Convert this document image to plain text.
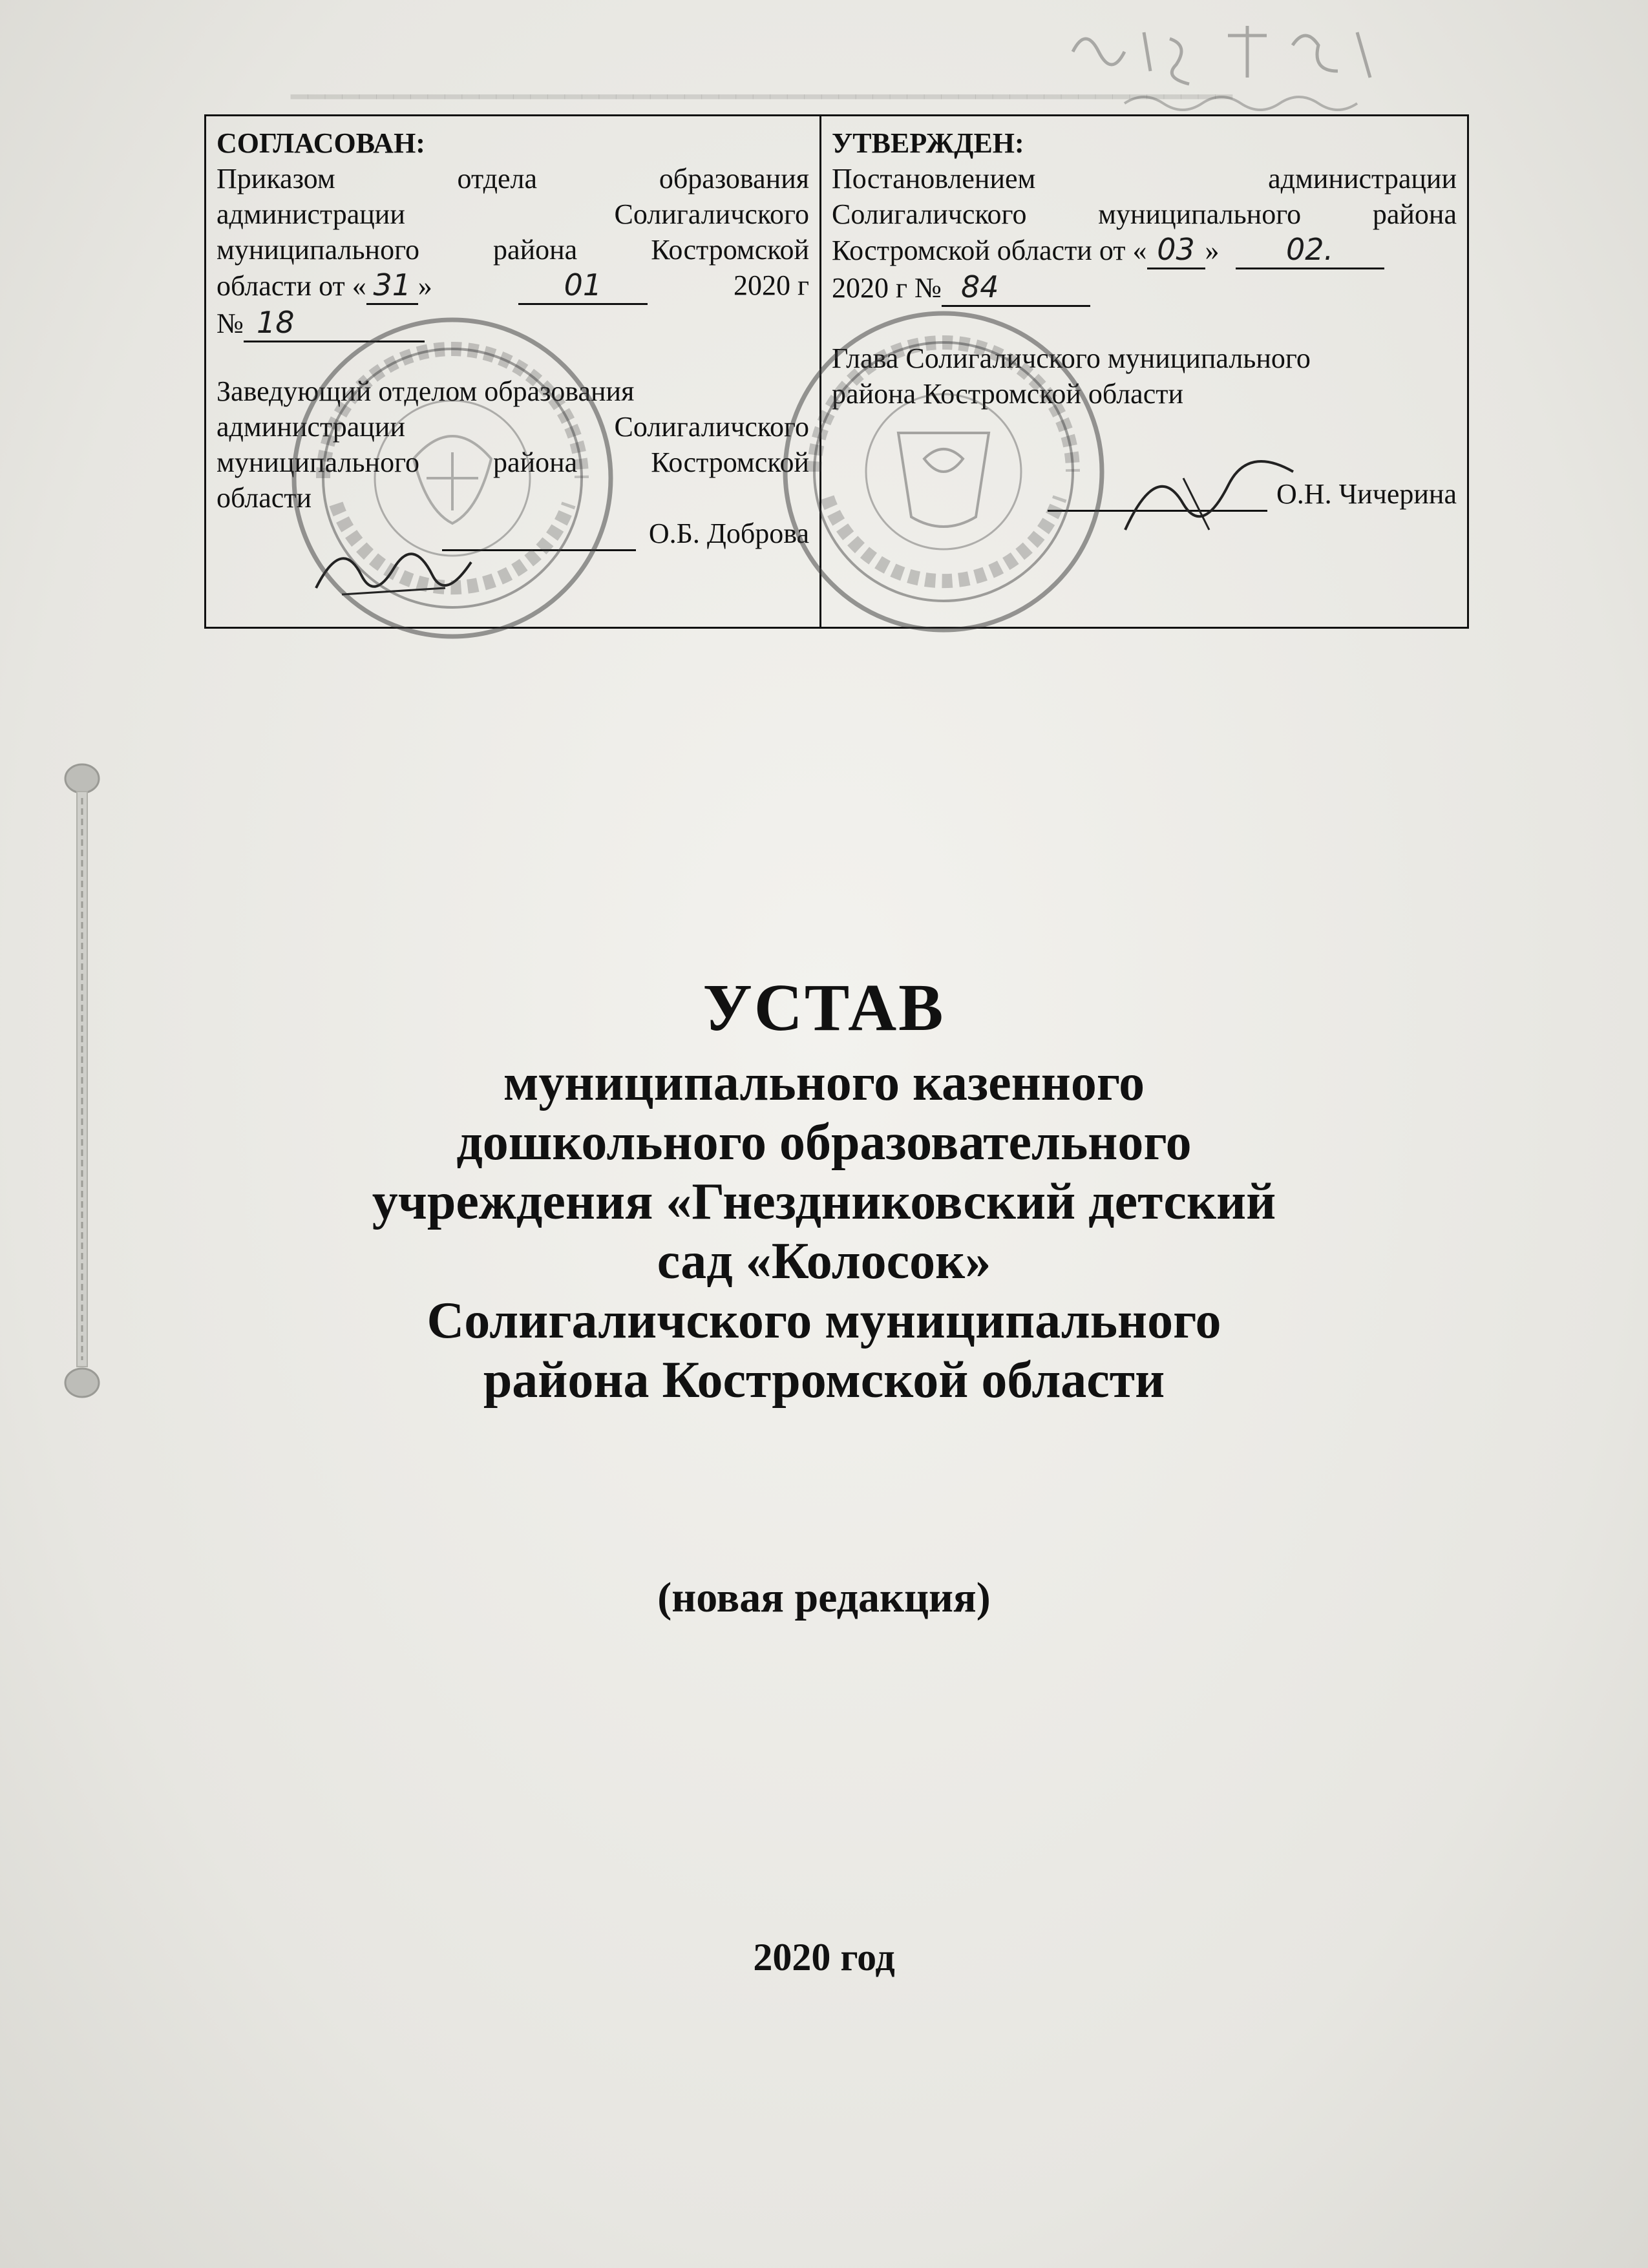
​━━━━━━━━━━━━━━━━━━━━━━━━━━━━━━━━━━━━━━━━━━━━━━━━━━━━━━━

СОГЛАСОВАН:
Приказом отдела образования
администрации Солигаличского
муниципального района Костромской
области от « 31 »	01	2020 г
№ 18
Заведующий отделом образования
администрации Солигаличского
муниципального района Костромской
области
О.Б. Доброва
УТВЕРЖДЕН:
Постановлением администрации
Солигаличского муниципального района
Костромской области от « 03 » 02.
2020 г № 84
Глава Солигаличского муниципального
района Костромской области
О.Н. Чичерина
УСТАВ
муниципального казенного
дошкольного образовательного
учреждения «Гнездниковский детский
сад «Колосок»
Солигаличского муниципального
района Костромской области
(новая редакция)
2020 год
